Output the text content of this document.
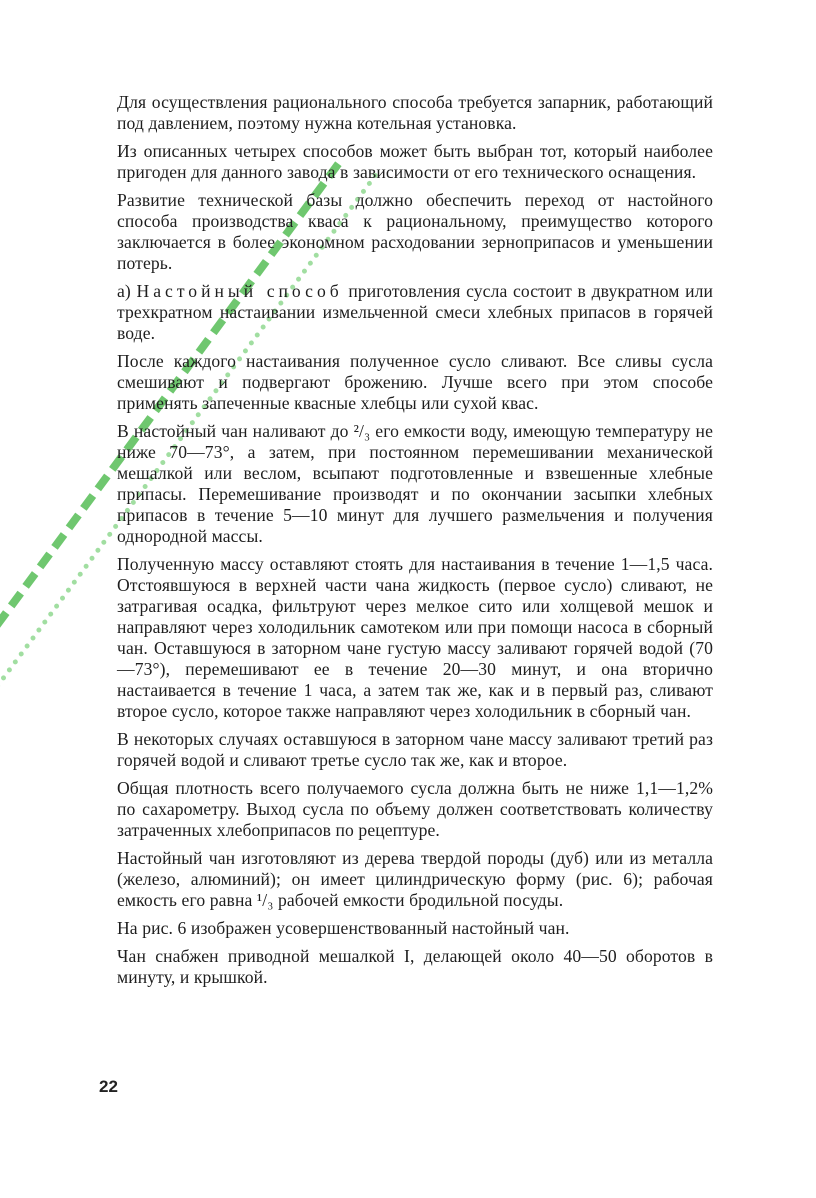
Для осуществления рационального способа требуется запарник, работающий под давлением, поэтому нужна котельная установка.

Из описанных четырех способов может быть выбран тот, который наиболее пригоден для данного завода в зависимости от его технического оснащения.

Развитие технической базы должно обеспечить переход от настойного способа производства кваса к рациональному, преимущество которого заключается в более экономном расходовании зерноприпасов и уменьшении потерь.

а) Настойный способ приготовления сусла состоит в двукратном или трехкратном настаивании измельченной смеси хлебных припасов в горячей воде.

После каждого настаивания полученное сусло сливают. Все сливы сусла смешивают и подвергают брожению. Лучше всего при этом способе применять запеченные квасные хлебцы или сухой квас.

В настойный чан наливают до ²/₃ его емкости воду, имеющую температуру не ниже 70—73°, а затем, при постоянном перемешивании механической мешалкой или веслом, всыпают подготовленные и взвешенные хлебные припасы. Перемешивание производят и по окончании засыпки хлебных припасов в течение 5—10 минут для лучшего размельчения и получения однородной массы.

Полученную массу оставляют стоять для настаивания в течение 1—1,5 часа. Отстоявшуюся в верхней части чана жидкость (первое сусло) сливают, не затрагивая осадка, фильтруют через мелкое сито или холщевой мешок и направляют через холодильник самотеком или при помощи насоса в сборный чан. Оставшуюся в заторном чане густую массу заливают горячей водой (70—73°), перемешивают ее в течение 20—30 минут, и она вторично настаивается в течение 1 часа, а затем так же, как и в первый раз, сливают второе сусло, которое также направляют через холодильник в сборный чан.

В некоторых случаях оставшуюся в заторном чане массу заливают третий раз горячей водой и сливают третье сусло так же, как и второе.

Общая плотность всего получаемого сусла должна быть не ниже 1,1—1,2% по сахарометру. Выход сусла по объему должен соответствовать количеству затраченных хлебоприпасов по рецептуре.

Настойный чан изготовляют из дерева твердой породы (дуб) или из металла (железо, алюминий); он имеет цилиндрическую форму (рис. 6); рабочая емкость его равна ¹/₃ рабочей емкости бродильной посуды.

На рис. 6 изображен усовершенствованный настойный чан.

Чан снабжен приводной мешалкой I, делающей около 40—50 оборотов в минуту, и крышкой.

22
